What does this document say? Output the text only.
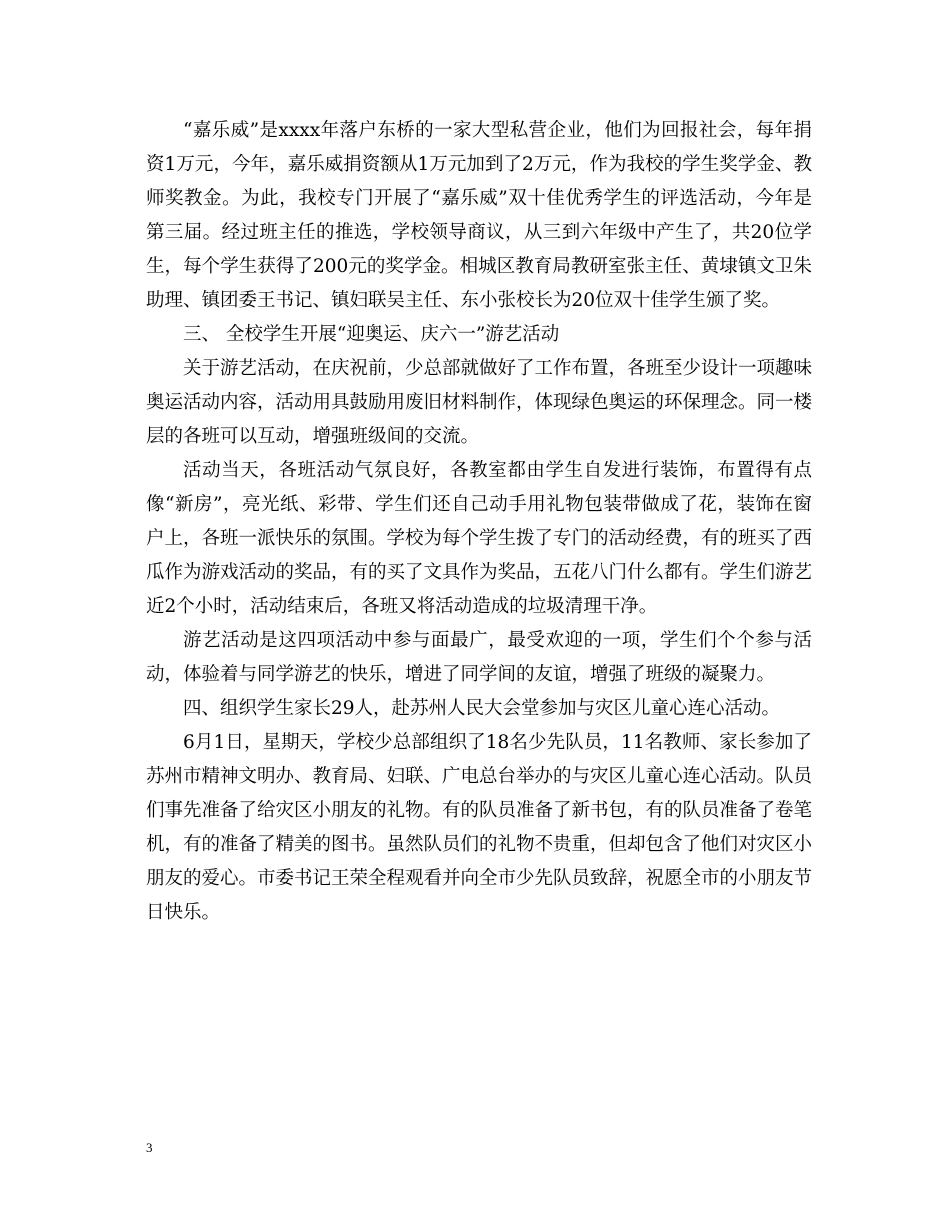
“嘉乐威”是xxxx年落户东桥的一家大型私营企业，他们为回报社会，每年捐资1万元，今年，嘉乐威捐资额从1万元加到了2万元，作为我校的学生奖学金、教师奖教金。为此，我校专门开展了“嘉乐威”双十佳优秀学生的评选活动，今年是第三届。经过班主任的推选，学校领导商议，从三到六年级中产生了，共20位学生，每个学生获得了200元的奖学金。相城区教育局教研室张主任、黄埭镇文卫朱助理、镇团委王书记、镇妇联吴主任、东小张校长为20位双十佳学生颁了奖。

三、 全校学生开展“迎奥运、庆六一”游艺活动

关于游艺活动，在庆祝前，少总部就做好了工作布置，各班至少设计一项趣味奥运活动内容，活动用具鼓励用废旧材料制作，体现绿色奥运的环保理念。同一楼层的各班可以互动，增强班级间的交流。

活动当天，各班活动气氛良好，各教室都由学生自发进行装饰，布置得有点像“新房”，亮光纸、彩带、学生们还自己动手用礼物包装带做成了花，装饰在窗户上，各班一派快乐的氛围。学校为每个学生拨了专门的活动经费，有的班买了西瓜作为游戏活动的奖品，有的买了文具作为奖品，五花八门什么都有。学生们游艺近2个小时，活动结束后，各班又将活动造成的垃圾清理干净。

游艺活动是这四项活动中参与面最广，最受欢迎的一项，学生们个个参与活动，体验着与同学游艺的快乐，增进了同学间的友谊，增强了班级的凝聚力。

四、组织学生家长29人，赴苏州人民大会堂参加与灾区儿童心连心活动。

6月1日，星期天，学校少总部组织了18名少先队员，11名教师、家长参加了苏州市精神文明办、教育局、妇联、广电总台举办的与灾区儿童心连心活动。队员们事先准备了给灾区小朋友的礼物。有的队员准备了新书包，有的队员准备了卷笔机，有的准备了精美的图书。虽然队员们的礼物不贵重，但却包含了他们对灾区小朋友的爱心。市委书记王荣全程观看并向全市少先队员致辞，祝愿全市的小朋友节日快乐。

3
